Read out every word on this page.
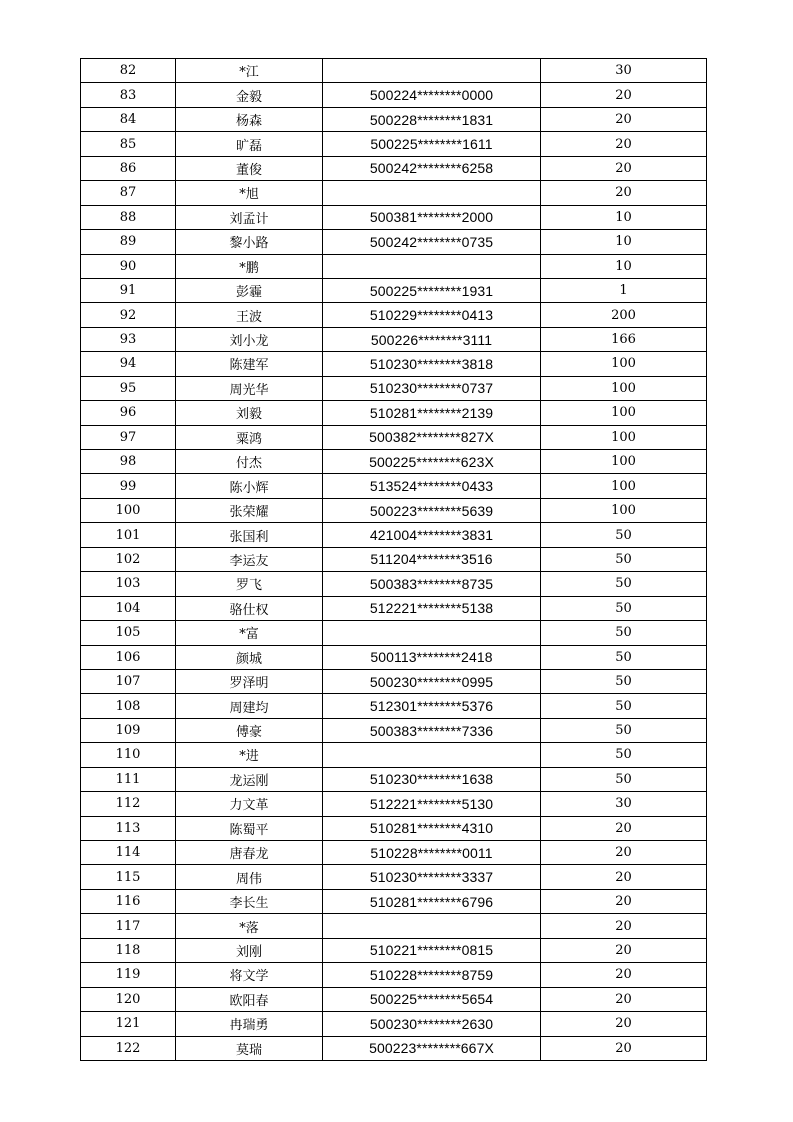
82	*江		30
83	金毅	500224********0000	20
84	杨森	500228********1831	20
85	旷磊	500225********1611	20
86	董俊	500242********6258	20
87	*旭		20
88	刘孟计	500381********2000	10
89	黎小路	500242********0735	10
90	*鹏		10
91	彭霾	500225********1931	1
92	王波	510229********0413	200
93	刘小龙	500226********3111	166
94	陈建军	510230********3818	100
95	周光华	510230********0737	100
96	刘毅	510281********2139	100
97	粟鸿	500382********827X	100
98	付杰	500225********623X	100
99	陈小辉	513524********0433	100
100	张荣耀	500223********5639	100
101	张国利	421004********3831	50
102	李运友	511204********3516	50
103	罗飞	500383********8735	50
104	骆仕权	512221********5138	50
105	*富		50
106	颜城	500113********2418	50
107	罗泽明	500230********0995	50
108	周建均	512301********5376	50
109	傅豪	500383********7336	50
110	*进		50
111	龙运刚	510230********1638	50
112	力文革	512221********5130	30
113	陈蜀平	510281********4310	20
114	唐春龙	510228********0011	20
115	周伟	510230********3337	20
116	李长生	510281********6796	20
117	*落		20
118	刘刚	510221********0815	20
119	将文学	510228********8759	20
120	欧阳春	500225********5654	20
121	冉瑞勇	500230********2630	20
122	莫瑞	500223********667X	20
